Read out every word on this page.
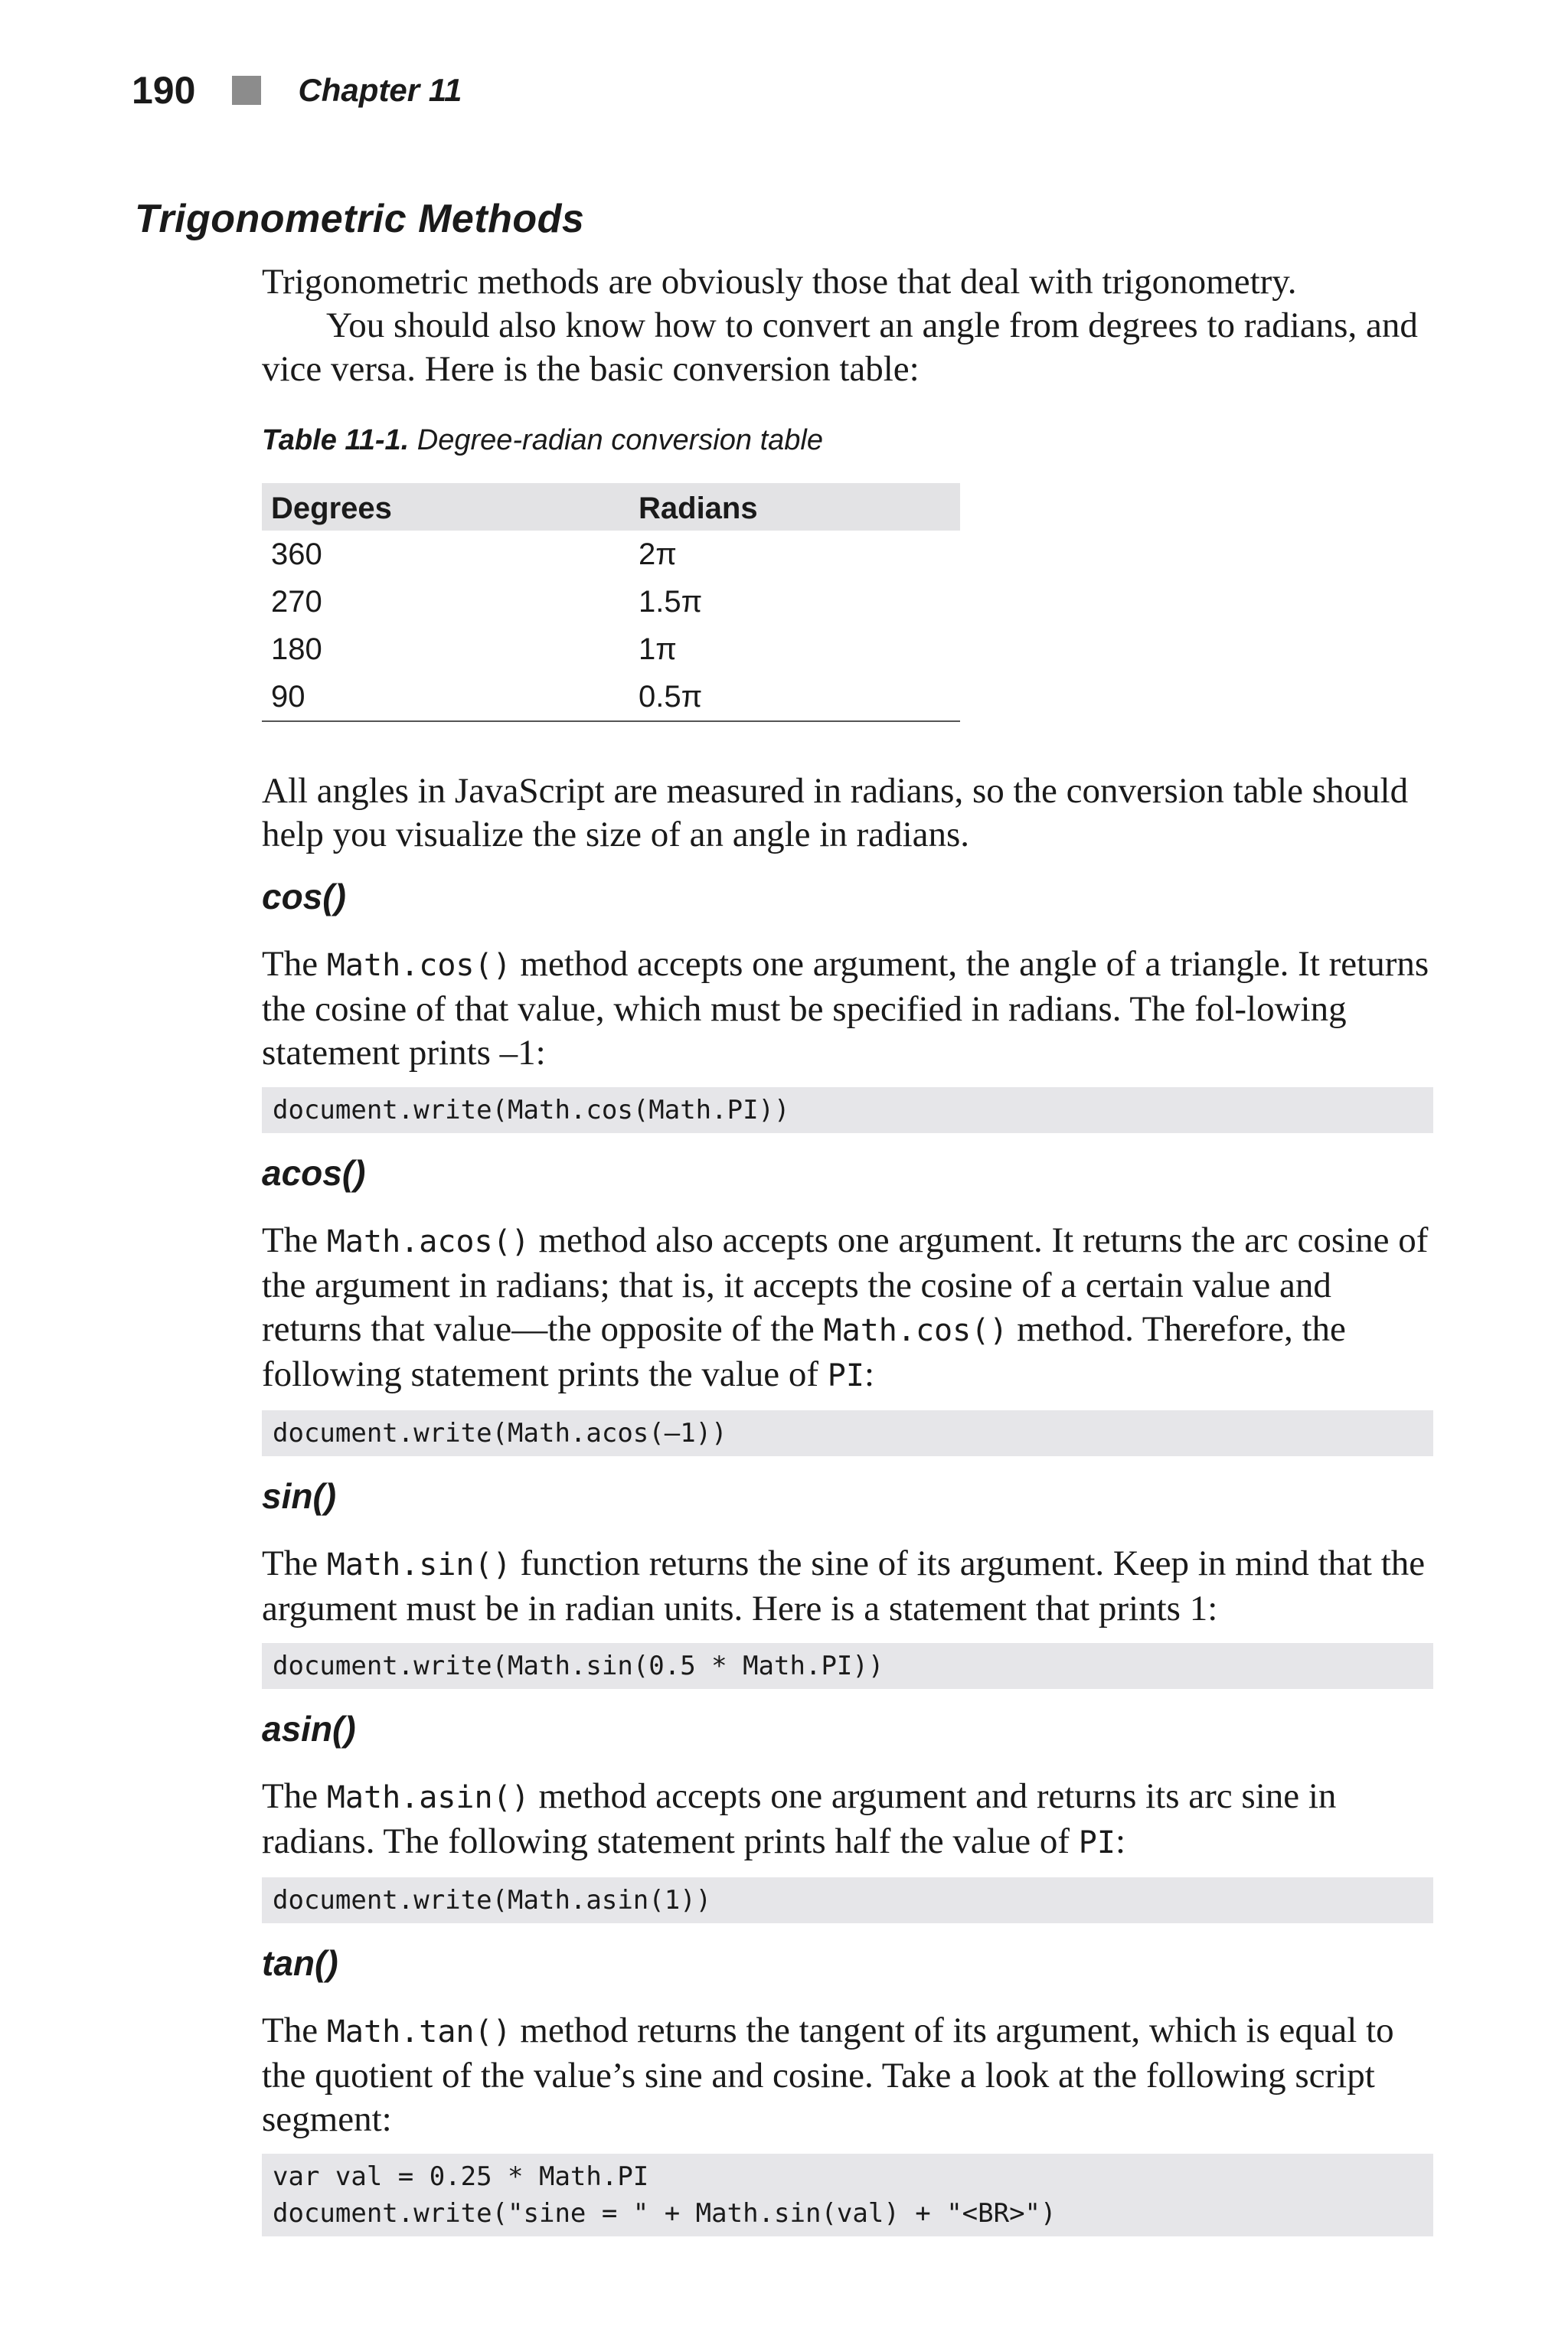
190	Chapter 11
Trigonometric Methods

Trigonometric methods are obviously those that deal with trigonometry.

You should also know how to convert an angle from degrees to radians, and vice versa. Here is the basic conversion table:

Table 11-1. Degree-radian conversion table
Degrees	Radians
360	2π
270	1.5π
180	1π
90	0.5π

All angles in JavaScript are measured in radians, so the conversion table should help you visualize the size of an angle in radians.

cos()

The Math.cos() method accepts one argument, the angle of a triangle. It returns the cosine of that value, which must be specified in radians. The fol-lowing statement prints –1:

document.write(Math.cos(Math.PI))
acos()

The Math.acos() method also accepts one argument. It returns the arc cosine of the argument in radians; that is, it accepts the cosine of a certain value and returns that value—the opposite of the Math.cos() method. Therefore, the following statement prints the value of PI:

document.write(Math.acos(–1))
sin()

The Math.sin() function returns the sine of its argument. Keep in mind that the argument must be in radian units. Here is a statement that prints 1:

document.write(Math.sin(0.5 * Math.PI))
asin()

The Math.asin() method accepts one argument and returns its arc sine in radians. The following statement prints half the value of PI:

document.write(Math.asin(1))
tan()

The Math.tan() method returns the tangent of its argument, which is equal to the quotient of the value’s sine and cosine. Take a look at the following script segment:

var val = 0.25 * Math.PI
document.write("sine = " + Math.sin(val) + "<BR>")
